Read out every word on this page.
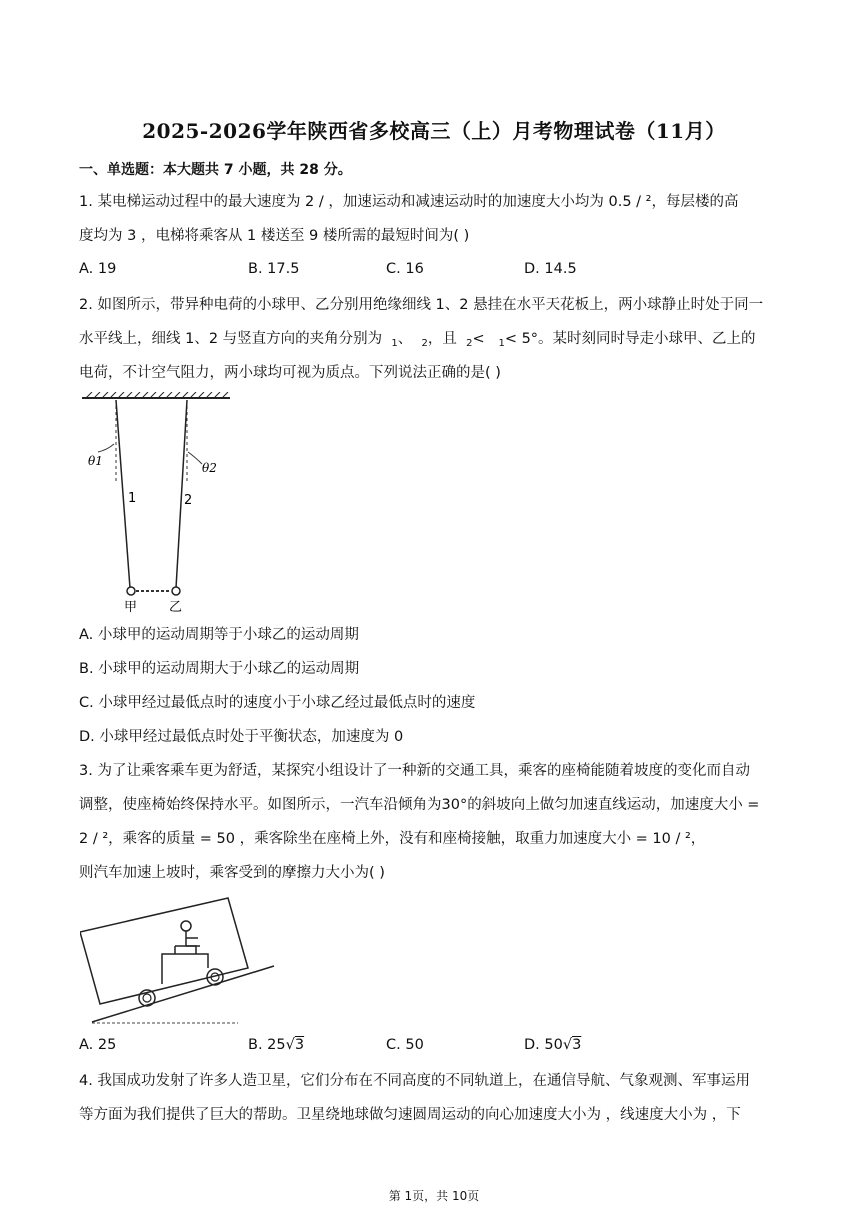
2025-2026学年陕西省多校高三（上）月考物理试卷（11月）
一、单选题：本大题共 7 小题，共 28 分。
1. 某电梯运动过程中的最大速度为 2 / ，加速运动和减速运动时的加速度大小均为 0.5 / ²，每层楼的高
度均为 3 ，电梯将乘客从 1 楼送至 9 楼所需的最短时间为( )
A. 19	B. 17.5	C. 16	D. 14.5
2. 如图所示，带异种电荷的小球甲、乙分别用绝缘细线 1、2 悬挂在水平天花板上，两小球静止时处于同一
水平线上，细线 1、2 与竖直方向的夹角分别为 $_1$、 $_2$，且 $_2$< $_1$< 5°。某时刻同时导走小球甲、乙上的
电荷，不计空气阻力，两小球均可视为质点。下列说法正确的是( )
θ1	θ2
1	2
甲 乙
A. 小球甲的运动周期等于小球乙的运动周期
B. 小球甲的运动周期大于小球乙的运动周期
C. 小球甲经过最低点时的速度小于小球乙经过最低点时的速度
D. 小球甲经过最低点时处于平衡状态，加速度为 0
3. 为了让乘客乘车更为舒适，某探究小组设计了一种新的交通工具，乘客的座椅能随着坡度的变化而自动
调整，使座椅始终保持水平。如图所示，一汽车沿倾角为30°的斜坡向上做匀加速直线运动，加速度大小 =
2 / ²，乘客的质量 = 50 ，乘客除坐在座椅上外，没有和座椅接触，取重力加速度大小 = 10 / ²，
则汽车加速上坡时，乘客受到的摩擦力大小为( )
A. 25	B. 25√3	C. 50	D. 50√3
4. 我国成功发射了许多人造卫星，它们分布在不同高度的不同轨道上，在通信导航、气象观测、军事运用
等方面为我们提供了巨大的帮助。卫星绕地球做匀速圆周运动的向心加速度大小为 ，线速度大小为 ，下
第 1页，共 10页
